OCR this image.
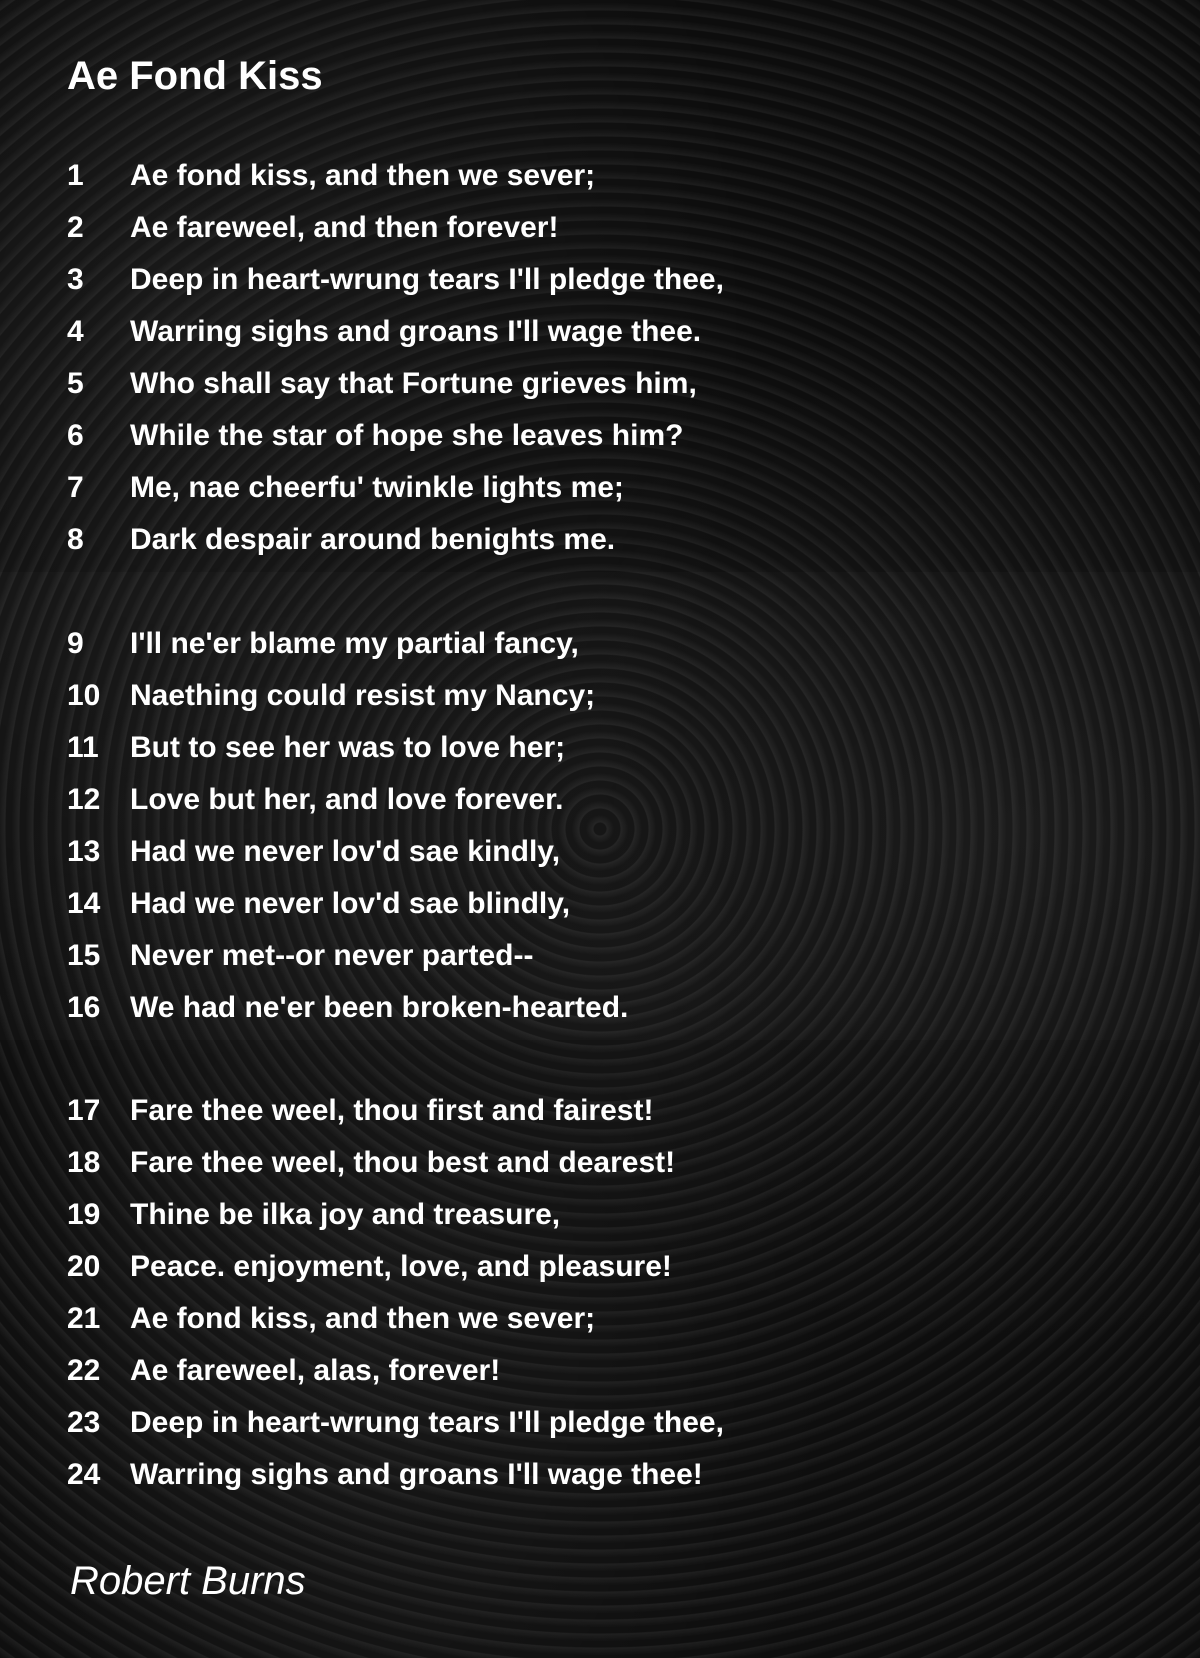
Ae Fond Kiss
1 Ae fond kiss, and then we sever;
2 Ae fareweel, and then forever!
3 Deep in heart-wrung tears I'll pledge thee,
4 Warring sighs and groans I'll wage thee.
5 Who shall say that Fortune grieves him,
6 While the star of hope she leaves him?
7 Me, nae cheerfu' twinkle lights me;
8 Dark despair around benights me.
9 I'll ne'er blame my partial fancy,
10 Naething could resist my Nancy;
11 But to see her was to love her;
12 Love but her, and love forever.
13 Had we never lov'd sae kindly,
14 Had we never lov'd sae blindly,
15 Never met--or never parted--
16 We had ne'er been broken-hearted.
17 Fare thee weel, thou first and fairest!
18 Fare thee weel, thou best and dearest!
19 Thine be ilka joy and treasure,
20 Peace. enjoyment, love, and pleasure!
21 Ae fond kiss, and then we sever;
22 Ae fareweel, alas, forever!
23 Deep in heart-wrung tears I'll pledge thee,
24 Warring sighs and groans I'll wage thee!
Robert Burns
